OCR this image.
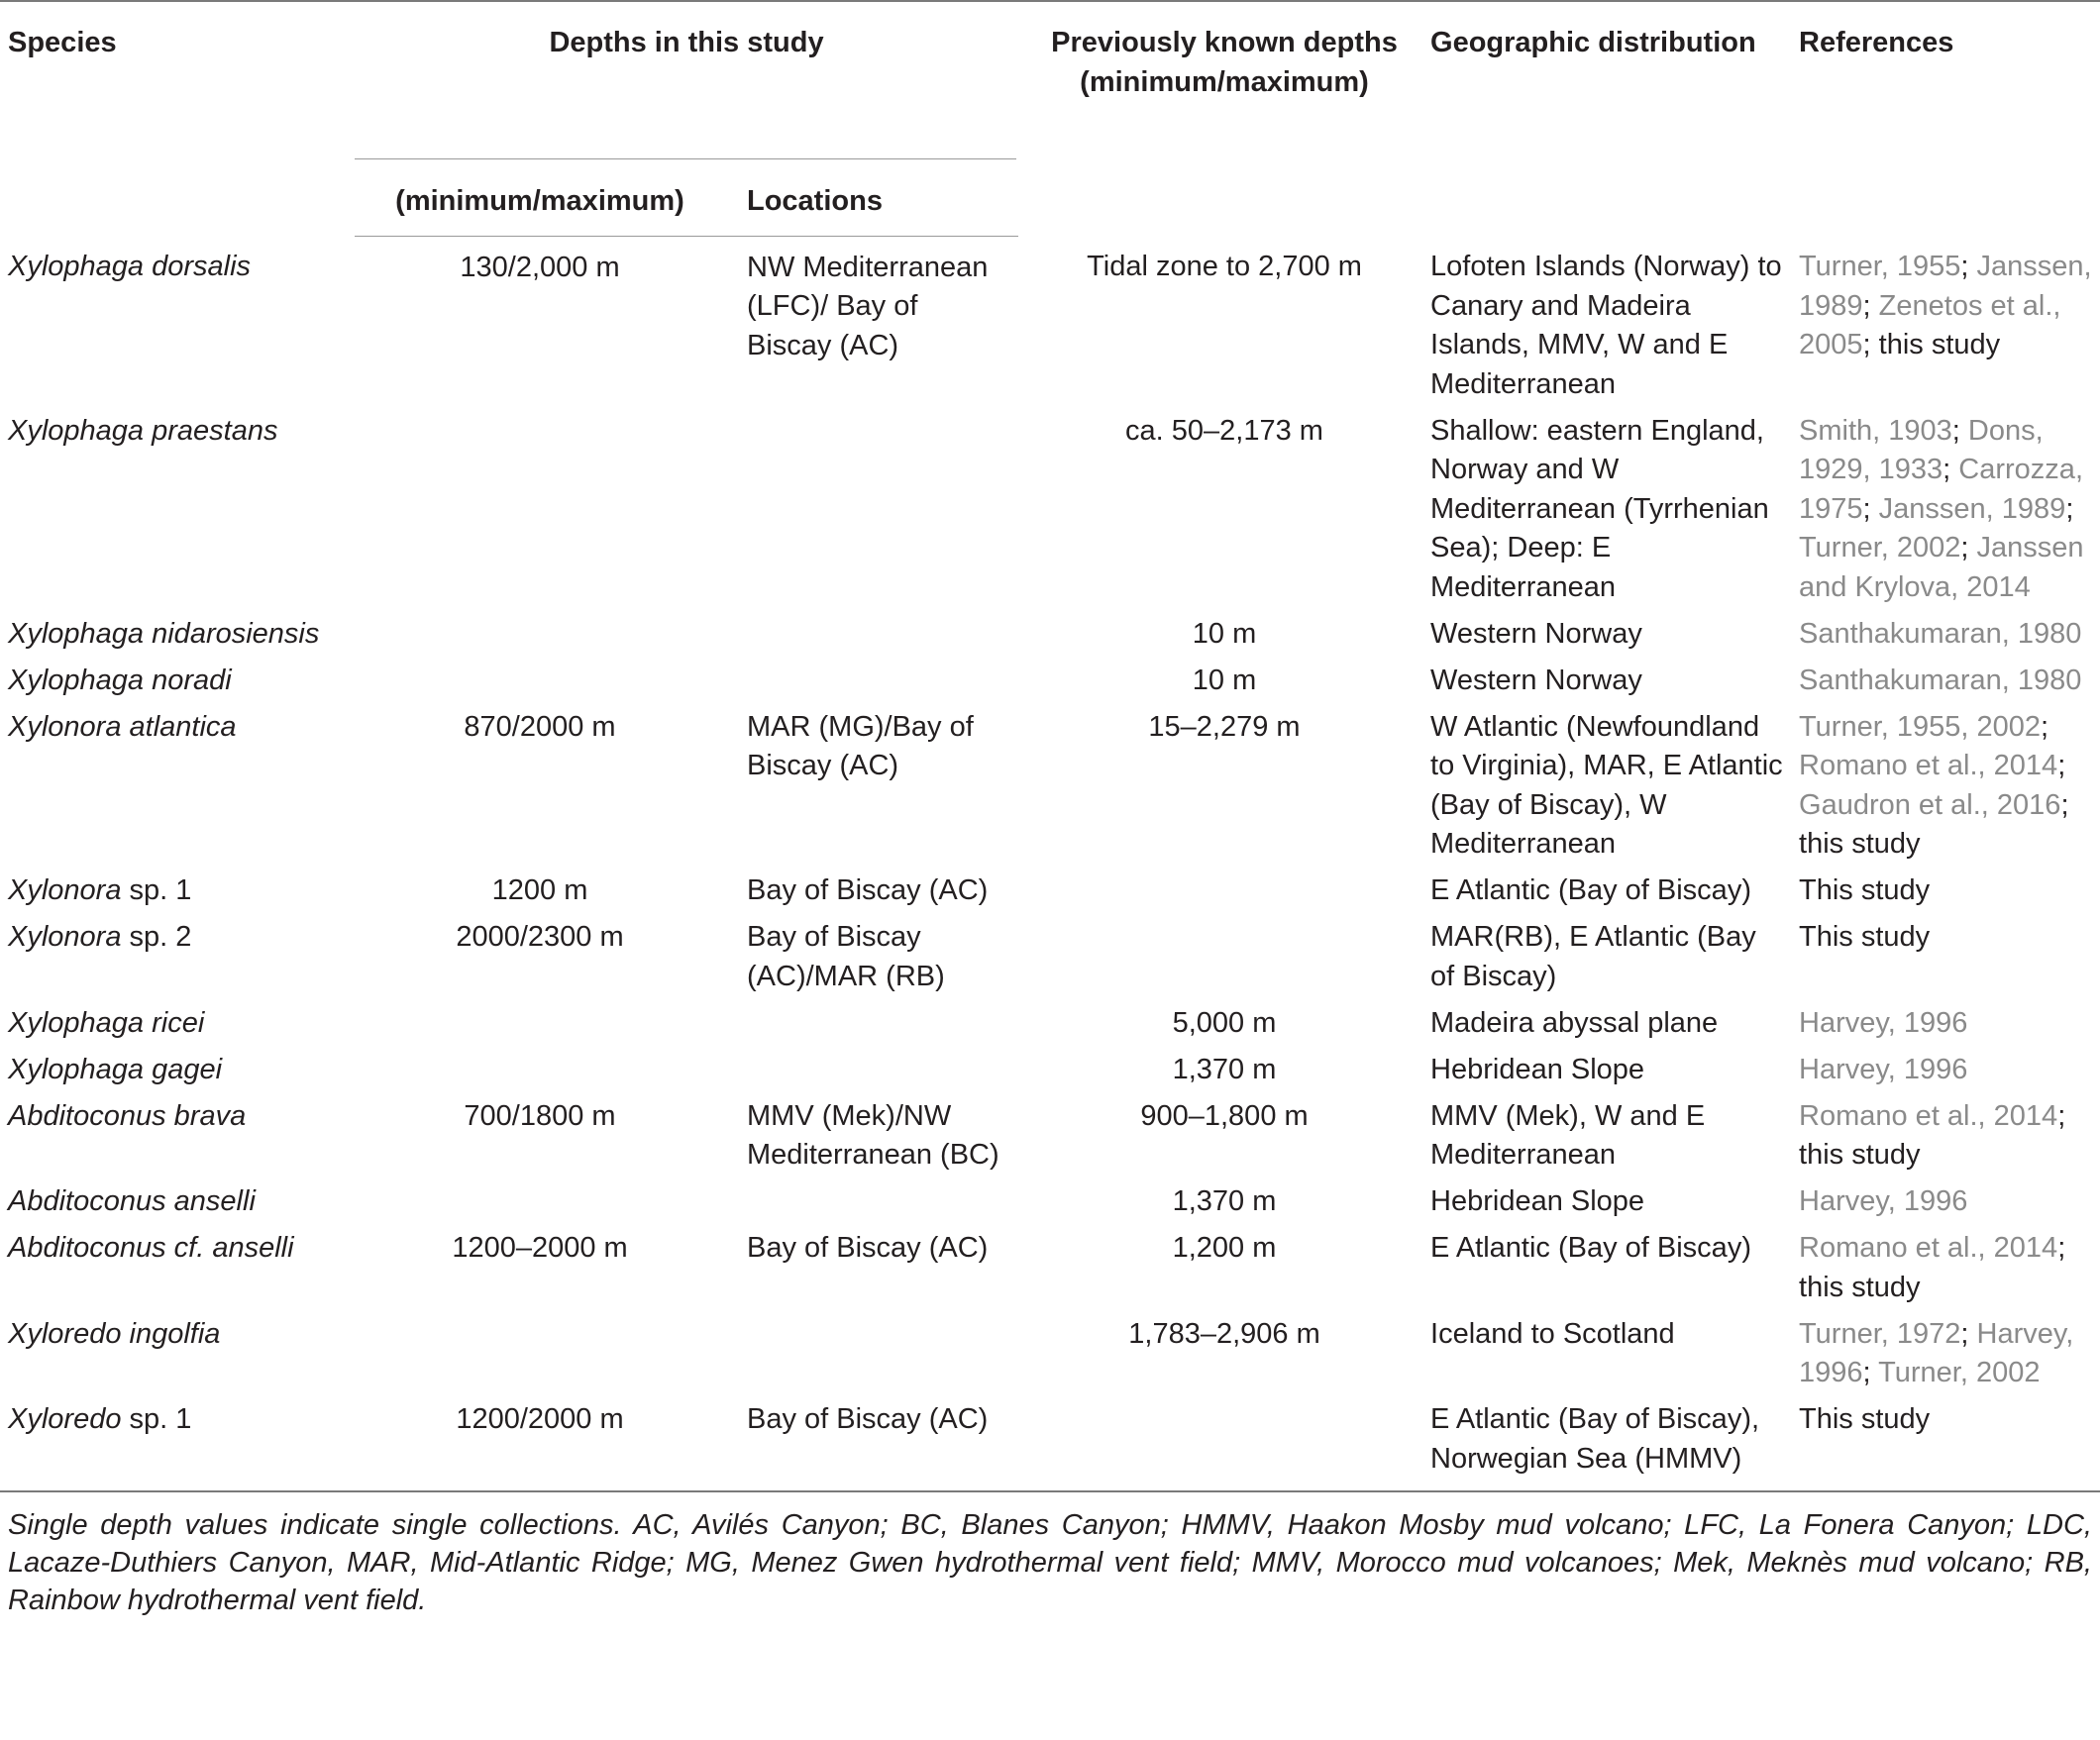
Species	Depths in this study		Previously known depths (minimum/maximum)	Geographic distribution	References
	(minimum/maximum)	Locations			
Xylophaga dorsalis	130/2,000 m	NW Mediterranean (LFC)/ Bay of Biscay (AC)	Tidal zone to 2,700 m	Lofoten Islands (Norway) to Canary and Madeira Islands, MMV, W and E Mediterranean	Turner, 1955; Janssen, 1989; Zenetos et al., 2005; this study
Xylophaga praestans			ca. 50–2,173 m	Shallow: eastern England, Norway and W Mediterranean (Tyrrhenian Sea); Deep: E Mediterranean	Smith, 1903; Dons, 1929, 1933; Carrozza, 1975; Janssen, 1989; Turner, 2002; Janssen and Krylova, 2014
Xylophaga nidarosiensis			10 m	Western Norway	Santhakumaran, 1980
Xylophaga noradi			10 m	Western Norway	Santhakumaran, 1980
Xylonora atlantica	870/2000 m	MAR (MG)/Bay of Biscay (AC)	15–2,279 m	W Atlantic (Newfoundland to Virginia), MAR, E Atlantic (Bay of Biscay), W Mediterranean	Turner, 1955, 2002; Romano et al., 2014; Gaudron et al., 2016; this study
Xylonora sp. 1	1200 m	Bay of Biscay (AC)		E Atlantic (Bay of Biscay)	This study
Xylonora sp. 2	2000/2300 m	Bay of Biscay (AC)/MAR (RB)		MAR(RB), E Atlantic (Bay of Biscay)	This study
Xylophaga ricei			5,000 m	Madeira abyssal plane	Harvey, 1996
Xylophaga gagei			1,370 m	Hebridean Slope	Harvey, 1996
Abditoconus brava	700/1800 m	MMV (Mek)/NW Mediterranean (BC)	900–1,800 m	MMV (Mek), W and E Mediterranean	Romano et al., 2014; this study
Abditoconus anselli			1,370 m	Hebridean Slope	Harvey, 1996
Abditoconus cf. anselli	1200–2000 m	Bay of Biscay (AC)	1,200 m	E Atlantic (Bay of Biscay)	Romano et al., 2014; this study
Xyloredo ingolfia			1,783–2,906 m	Iceland to Scotland	Turner, 1972; Harvey, 1996; Turner, 2002
Xyloredo sp. 1	1200/2000 m	Bay of Biscay (AC)		E Atlantic (Bay of Biscay), Norwegian Sea (HMMV)	This study
Single depth values indicate single collections. AC, Avilés Canyon; BC, Blanes Canyon; HMMV, Haakon Mosby mud volcano; LFC, La Fonera Canyon; LDC, Lacaze-Duthiers Canyon, MAR, Mid-Atlantic Ridge; MG, Menez Gwen hydrothermal vent field; MMV, Morocco mud volcanoes; Mek, Meknès mud volcano; RB, Rainbow hydrothermal vent field.
